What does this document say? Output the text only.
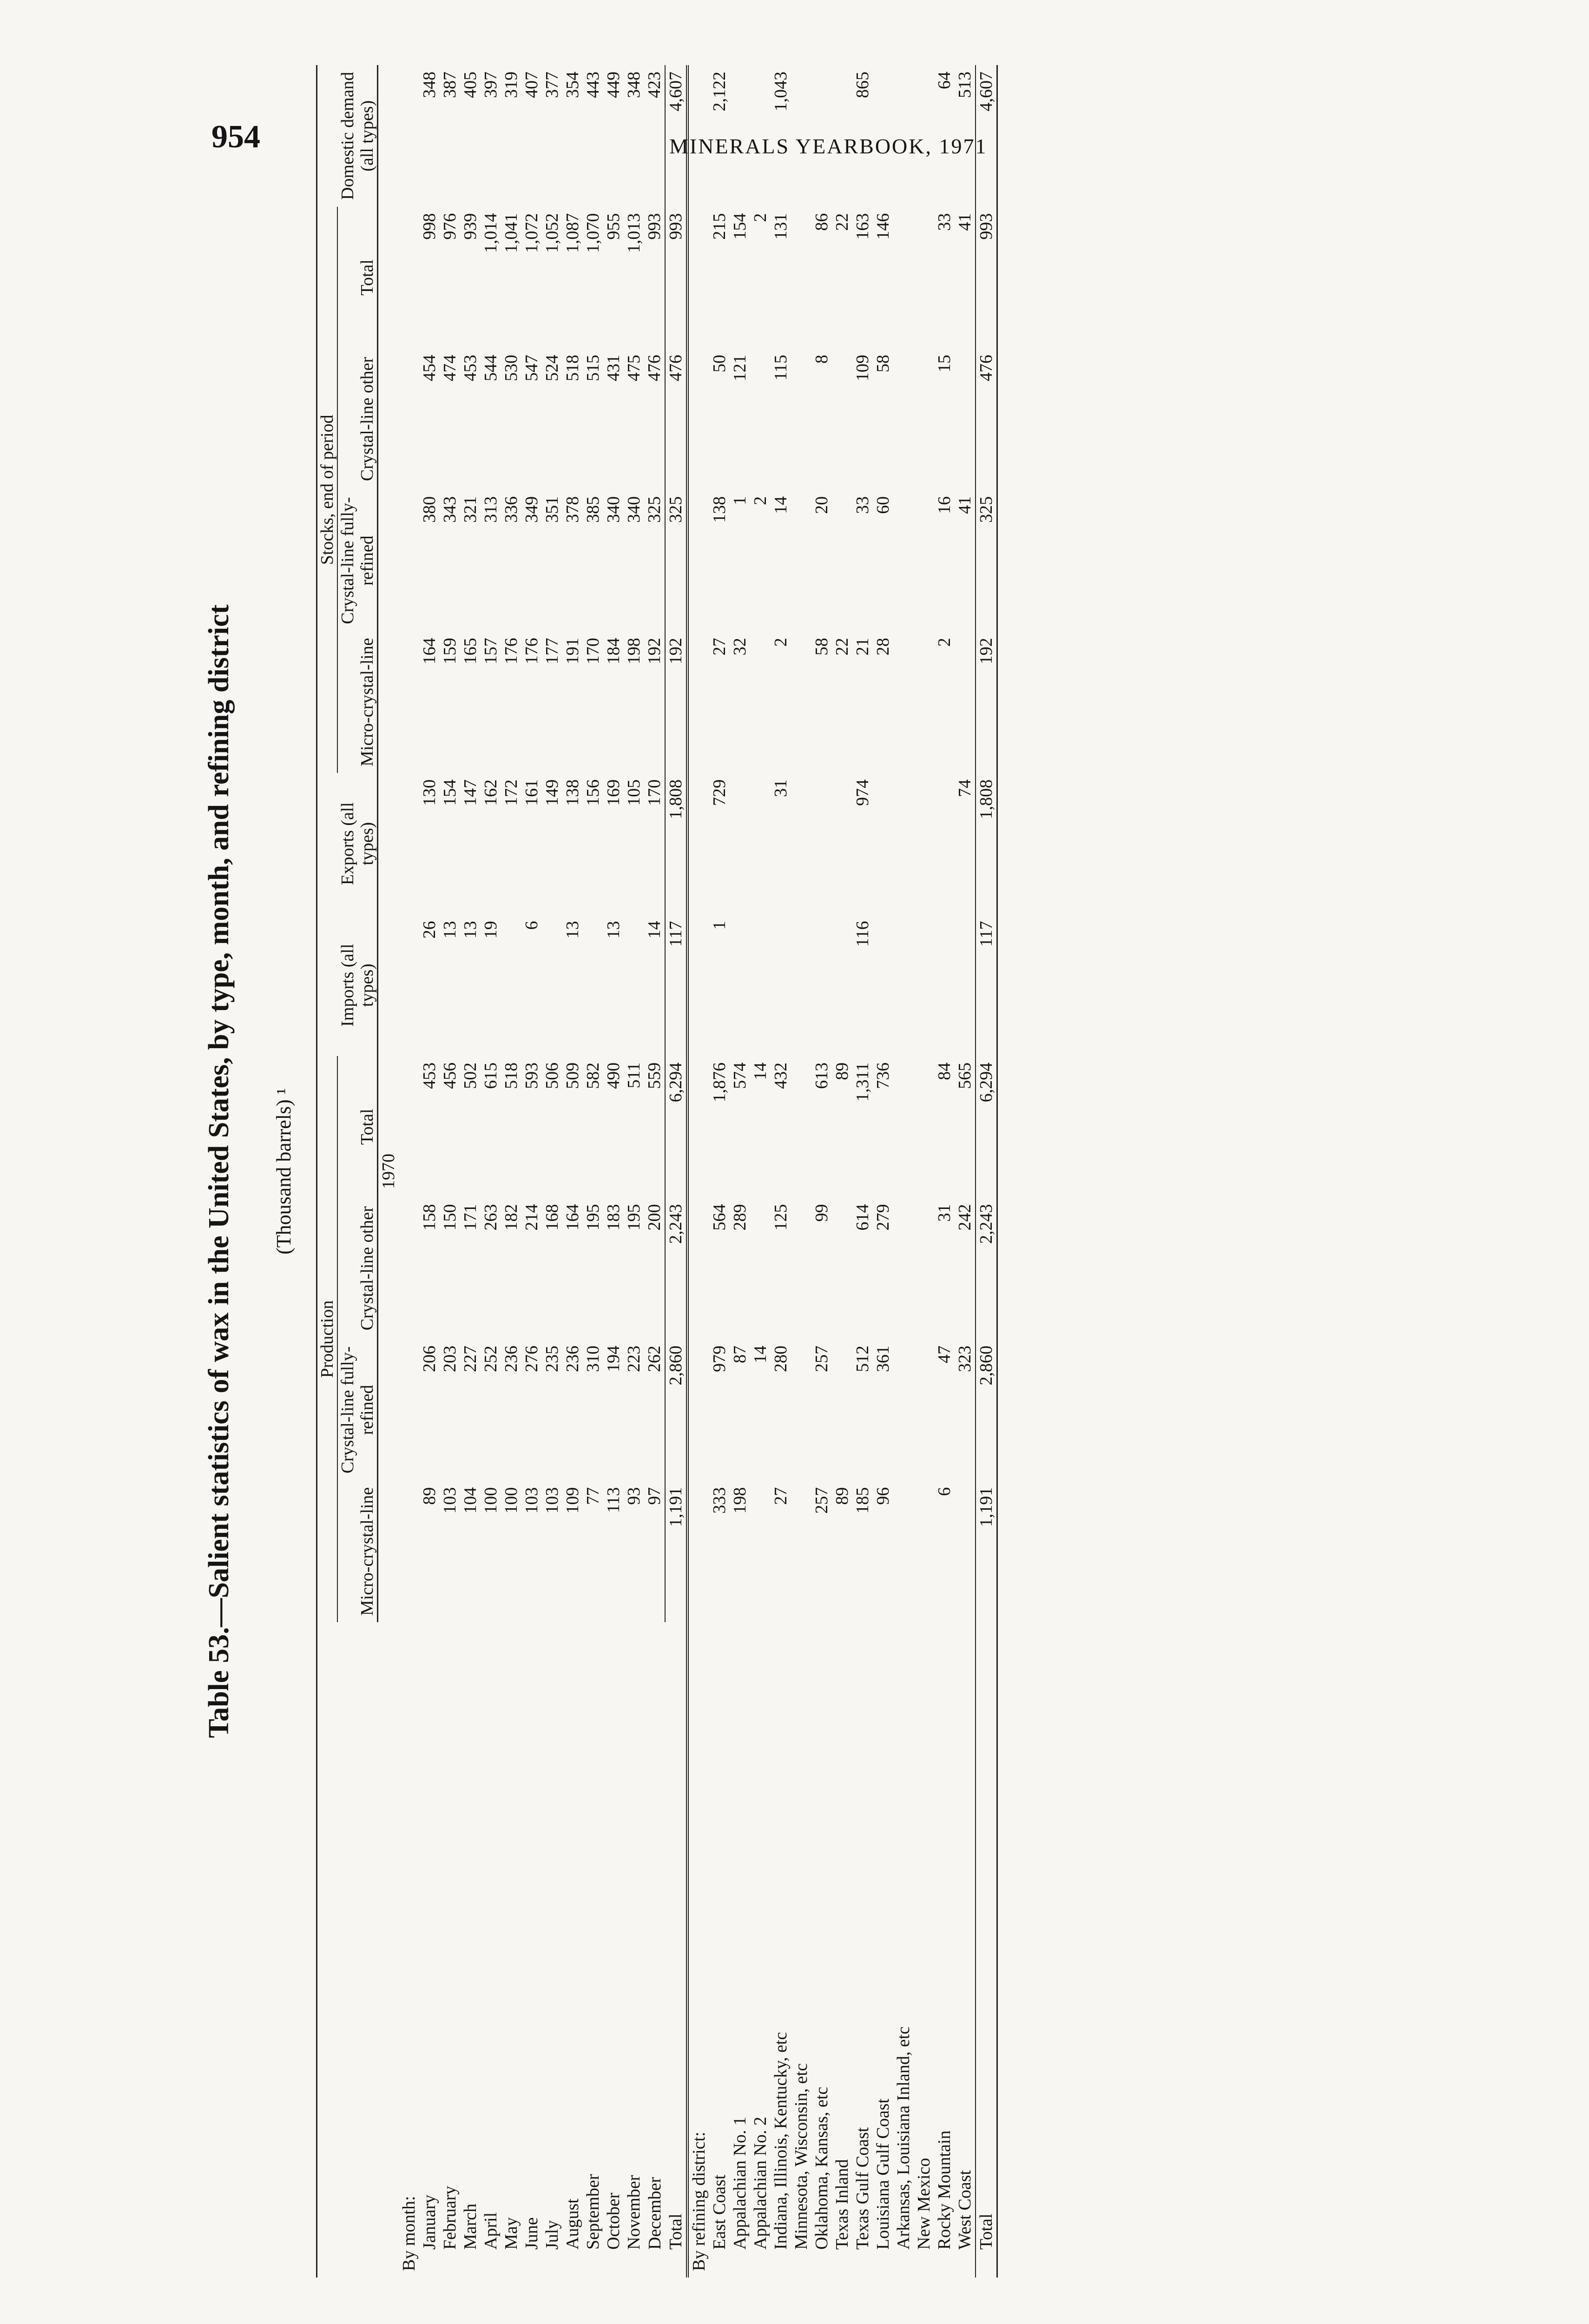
954	MINERALS YEARBOOK, 1971
Table 53.—Salient statistics of wax in the United States, by type, month, and refining district (Thousand barrels) ¹
	Production				Imports (all types)	Exports (all types)	Stocks, end of period				Domestic demand (all types)
	Micro-crystal-line	Crystal-line fully-refined	Crystal-line other	Total			Micro-crystal-line	Crystal-line fully-refined	Crystal-line other	Total	
1970											
By month:											
January	89	206	158	453	26	130	164	380	454	998	348
February	103	203	150	456	13	154	159	343	474	976	387
March	104	227	171	502	13	147	165	321	453	939	405
April	100	252	263	615	19	162	157	313	544	1,014	397
May	100	236	182	518		172	176	336	530	1,041	319
June	103	276	214	593	6	161	176	349	547	1,072	407
July	103	235	168	506		149	177	351	524	1,052	377
August	109	236	164	509	13	138	191	378	518	1,087	354
September	77	310	195	582		156	170	385	515	1,070	443
October	113	194	183	490	13	169	184	340	431	955	449
November	93	223	195	511		105	198	340	475	1,013	348
December	97	262	200	559	14	170	192	325	476	993	423
Total	1,191	2,860	2,243	6,294	117	1,808	192	325	476	993	4,607
By refining district:											
East Coast	333	979	564	1,876	1	729	27	138	50	215	2,122
Appalachian No. 1	198	87	289	574			32	1	121	154	
Appalachian No. 2		14		14				2		2	
Indiana, Illinois, Kentucky, etc	27	280	125	432		31	2	14	115	131	1,043
Minnesota, Wisconsin, etc											
Oklahoma, Kansas, etc	257	257	99	613			58	20	8	86	
Texas Inland	89			89			22			22	
Texas Gulf Coast	185	512	614	1,311	116	974	21	33	109	163	865
Louisiana Gulf Coast	96	361	279	736			28	60	58	146	
Arkansas, Louisiana Inland, etc											
New Mexico											
Rocky Mountain	6	47	31	84			2	16	15	33	64
West Coast		323	242	565		74		41		41	513
Total	1,191	2,860	2,243	6,294	117	1,808	192	325	476	993	4,607
